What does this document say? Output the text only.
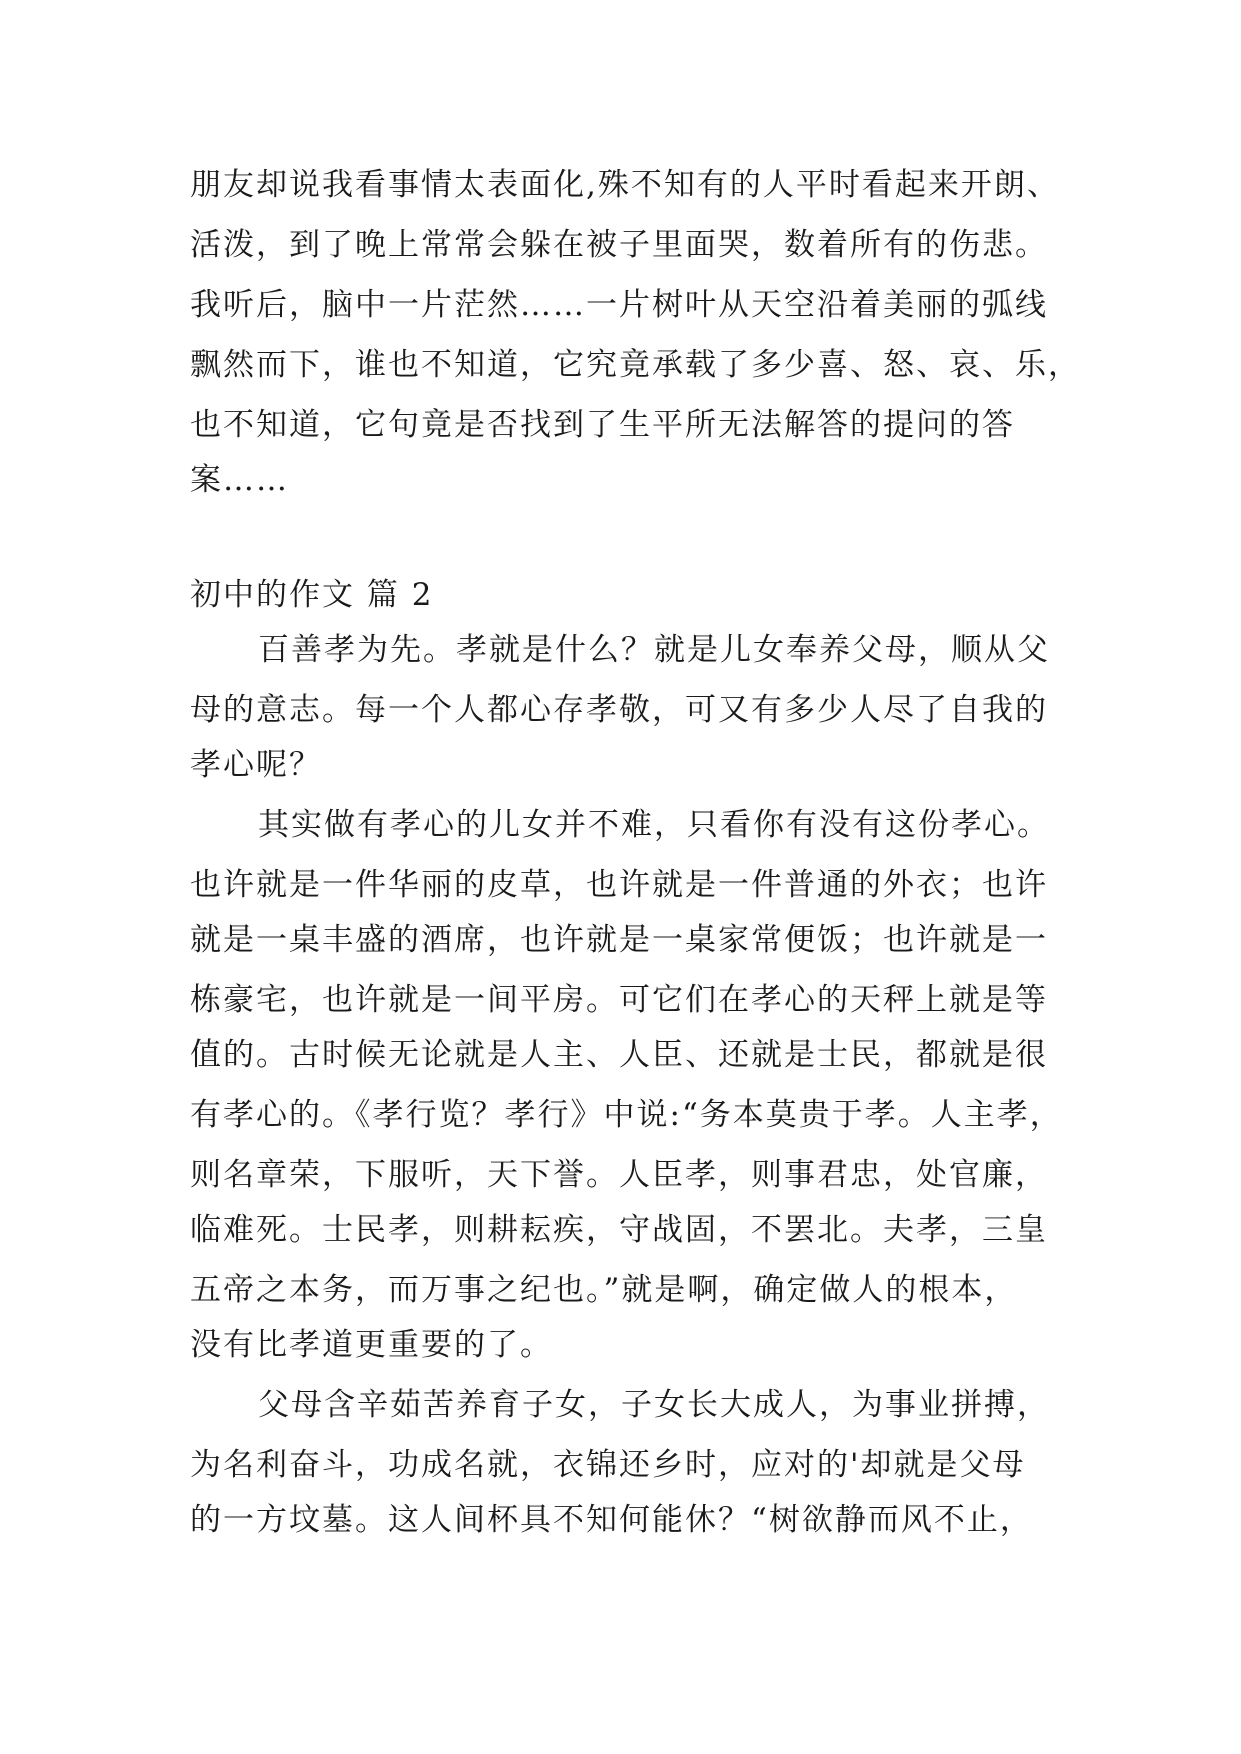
朋友却说我看事情太表面化,殊不知有的人平时看起来开朗、
活泼，到了晚上常常会躲在被子里面哭，数着所有的伤悲。
我听后，脑中一片茫然……一片树叶从天空沿着美丽的弧线
飘然而下，谁也不知道，它究竟承载了多少喜、怒、哀、乐，
也不知道，它句竟是否找到了生平所无法解答的提问的答
案……
初中的作文 篇 2
百善孝为先。孝就是什么？就是儿女奉养父母，顺从父
母的意志。每一个人都心存孝敬，可又有多少人尽了自我的
孝心呢？
其实做有孝心的儿女并不难，只看你有没有这份孝心。
也许就是一件华丽的皮草，也许就是一件普通的外衣；也许
就是一桌丰盛的酒席，也许就是一桌家常便饭；也许就是一
栋豪宅，也许就是一间平房。可它们在孝心的天秤上就是等
值的。古时候无论就是人主、人臣、还就是士民，都就是很
有孝心的。《孝行览？孝行》中说:“务本莫贵于孝。人主孝，
则名章荣，下服听，天下誉。人臣孝，则事君忠，处官廉，
临难死。士民孝，则耕耘疾，守战固，不罢北。夫孝，三皇
五帝之本务，而万事之纪也。”就是啊，确定做人的根本，
没有比孝道更重要的了。
父母含辛茹苦养育子女，子女长大成人，为事业拼搏，
为名利奋斗，功成名就，衣锦还乡时，应对的'却就是父母
的一方坟墓。这人间杯具不知何能休？“树欲静而风不止，
